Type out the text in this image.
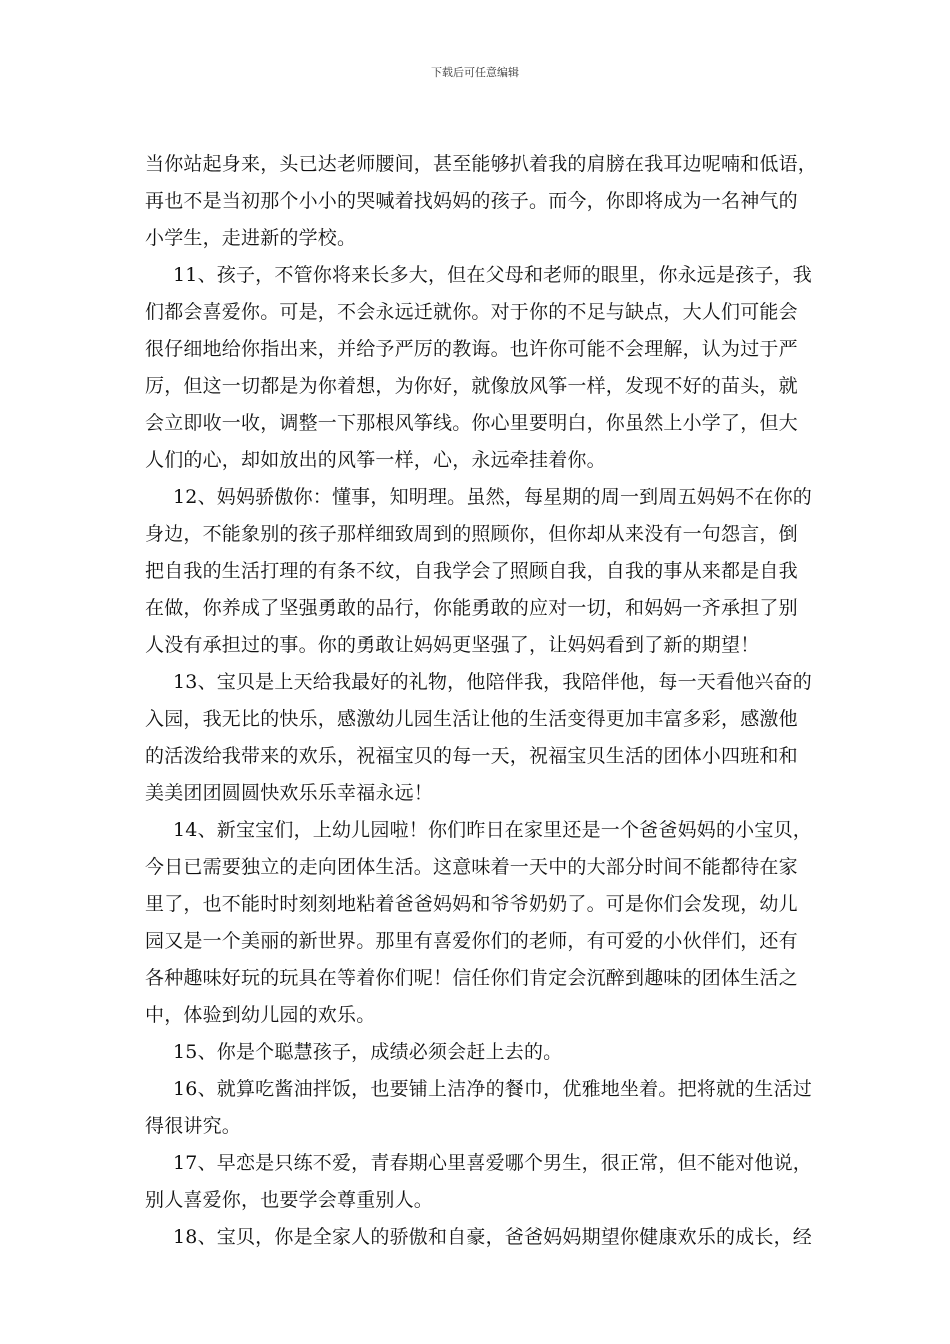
下载后可任意编辑
当你站起身来，头已达老师腰间，甚至能够扒着我的肩膀在我耳边呢喃和低语，
再也不是当初那个小小的哭喊着找妈妈的孩子。而今，你即将成为一名神气的
小学生，走进新的学校。
11、孩子，不管你将来长多大，但在父母和老师的眼里，你永远是孩子，我
们都会喜爱你。可是，不会永远迁就你。对于你的不足与缺点，大人们可能会
很仔细地给你指出来，并给予严厉的教诲。也许你可能不会理解，认为过于严
厉，但这一切都是为你着想，为你好，就像放风筝一样，发现不好的苗头，就
会立即收一收，调整一下那根风筝线。你心里要明白，你虽然上小学了，但大
人们的心，却如放出的风筝一样，心，永远牵挂着你。
12、妈妈骄傲你：懂事，知明理。虽然，每星期的周一到周五妈妈不在你的
身边，不能象别的孩子那样细致周到的照顾你，但你却从来没有一句怨言，倒
把自我的生活打理的有条不纹，自我学会了照顾自我，自我的事从来都是自我
在做，你养成了坚强勇敢的品行，你能勇敢的应对一切，和妈妈一齐承担了别
人没有承担过的事。你的勇敢让妈妈更坚强了，让妈妈看到了新的期望！
13、宝贝是上天给我最好的礼物，他陪伴我，我陪伴他，每一天看他兴奋的
入园，我无比的快乐，感激幼儿园生活让他的生活变得更加丰富多彩，感激他
的活泼给我带来的欢乐，祝福宝贝的每一天，祝福宝贝生活的团体小四班和和
美美团团圆圆快欢乐乐幸福永远！
14、新宝宝们，上幼儿园啦！你们昨日在家里还是一个爸爸妈妈的小宝贝，
今日已需要独立的走向团体生活。这意味着一天中的大部分时间不能都待在家
里了，也不能时时刻刻地粘着爸爸妈妈和爷爷奶奶了。可是你们会发现，幼儿
园又是一个美丽的新世界。那里有喜爱你们的老师，有可爱的小伙伴们，还有
各种趣味好玩的玩具在等着你们呢！信任你们肯定会沉醉到趣味的团体生活之
中，体验到幼儿园的欢乐。
15、你是个聪慧孩子，成绩必须会赶上去的。
16、就算吃酱油拌饭，也要铺上洁净的餐巾，优雅地坐着。把将就的生活过
得很讲究。
17、早恋是只练不爱，青春期心里喜爱哪个男生，很正常，但不能对他说，
别人喜爱你，也要学会尊重别人。
18、宝贝，你是全家人的骄傲和自豪，爸爸妈妈期望你健康欢乐的成长，经
